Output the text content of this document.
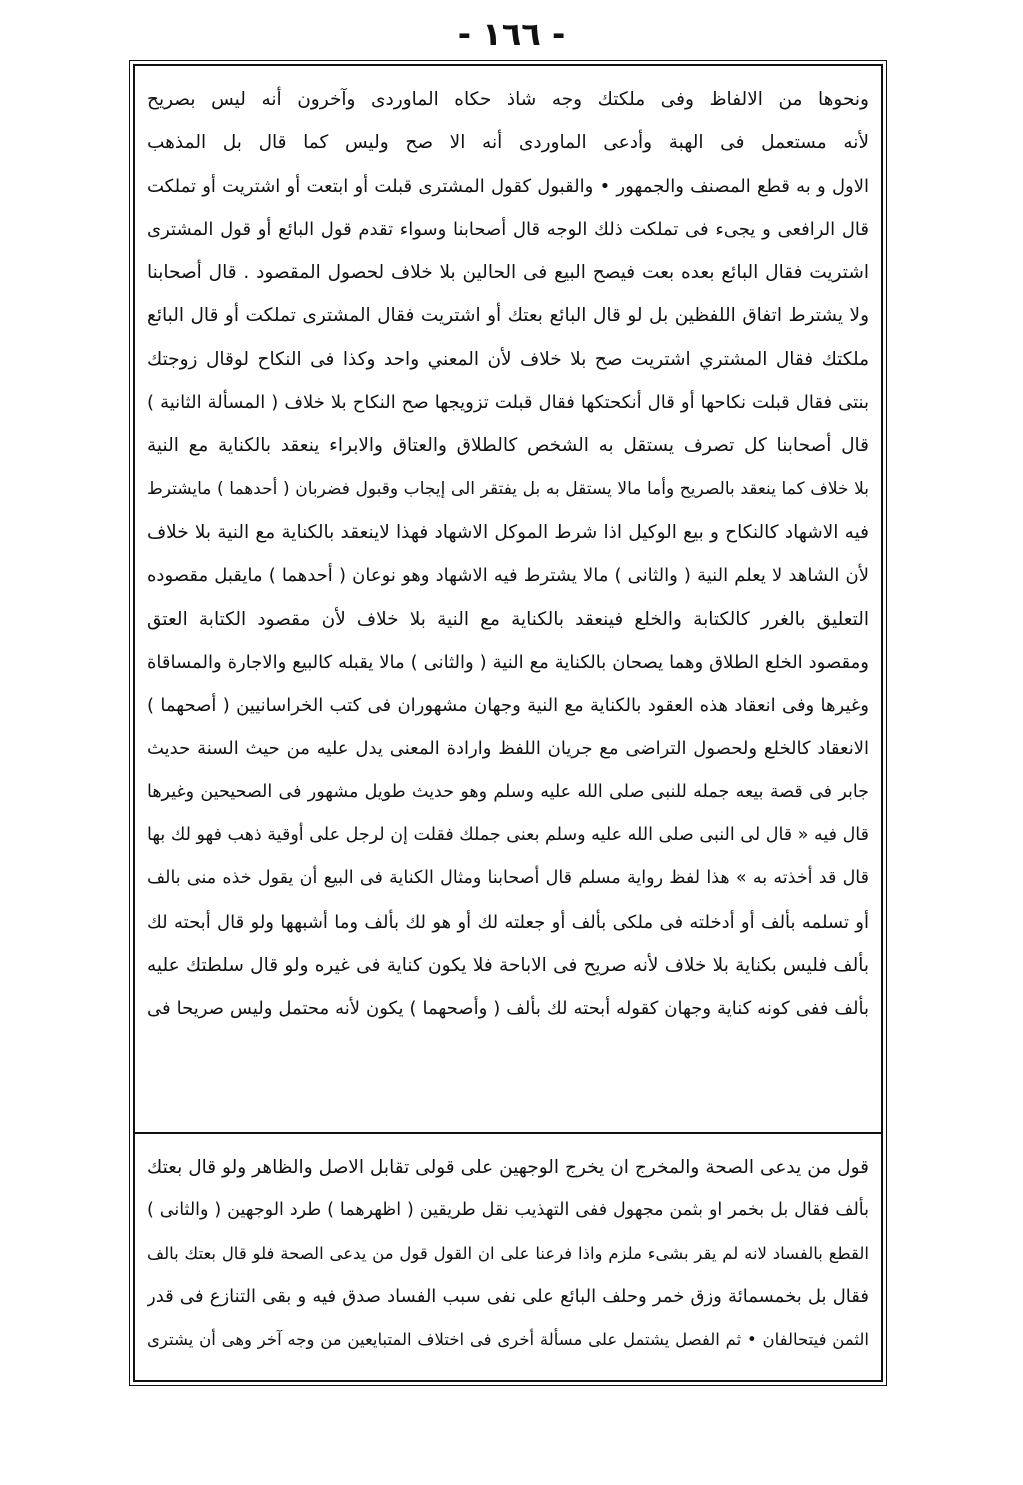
- ١٦٦ -
ونحوها من الالفاظ وفى ملكتك وجه شاذ حكاه الماوردى وآخرون أنه ليس بصريح
لأنه مستعمل فى الهبة وأدعى الماوردى أنه الا صح وليس كما قال بل المذهب
الاول و به قطع المصنف والجمهور • والقبول كقول المشترى قبلت أو ابتعت أو اشتريت أو تملكت
قال الرافعى و يجىء فى تملكت ذلك الوجه قال أصحابنا وسواء تقدم قول البائع أو قول المشترى
اشتريت فقال البائع بعده بعت فيصح البيع فى الحالين بلا خلاف لحصول المقصود . قال أصحابنا
ولا يشترط اتفاق اللفظين بل لو قال البائع بعتك أو اشتريت فقال المشترى تملكت أو قال البائع
ملكتك فقال المشتري اشتريت صح بلا خلاف لأن المعني واحد وكذا فى النكاح لوقال زوجتك
بنتى فقال قبلت نكاحها أو قال أنكحتكها فقال قبلت تزويجها صح النكاح بلا خلاف ( المسألة الثانية )
قال أصحابنا كل تصرف يستقل به الشخص كالطلاق والعتاق والابراء ينعقد بالكناية مع النية
بلا خلاف كما ينعقد بالصريح وأما مالا يستقل به بل يفتقر الى إيجاب وقبول فضربان ( أحدهما ) مايشترط
فيه الاشهاد كالنكاح و بيع الوكيل اذا شرط الموكل الاشهاد فهذا لاينعقد بالكناية مع النية بلا خلاف
لأن الشاهد لا يعلم النية ( والثانى ) مالا يشترط فيه الاشهاد وهو نوعان ( أحدهما ) مايقبل مقصوده
التعليق بالغرر كالكتابة والخلع فينعقد بالكناية مع النية بلا خلاف لأن مقصود الكتابة العتق
ومقصود الخلع الطلاق وهما يصحان بالكناية مع النية ( والثانى ) مالا يقبله كالبيع والاجارة والمساقاة
وغيرها وفى انعقاد هذه العقود بالكناية مع النية وجهان مشهوران فى كتب الخراسانيين ( أصحهما )
الانعقاد كالخلع ولحصول التراضى مع جريان اللفظ وارادة المعنى يدل عليه من حيث السنة حديث
جابر فى قصة بيعه جمله للنبى صلى الله عليه وسلم وهو حديث طويل مشهور فى الصحيحين وغيرها
قال فيه « قال لى النبى صلى الله عليه وسلم بعنى جملك فقلت إن لرجل على أوقية ذهب فهو لك بها
قال قد أخذته به » هذا لفظ رواية مسلم قال أصحابنا ومثال الكناية فى البيع أن يقول خذه منى بالف
أو تسلمه بألف أو أدخلته فى ملكى بألف أو جعلته لك أو هو لك بألف وما أشبهها ولو قال أبحته لك
بألف فليس بكناية بلا خلاف لأنه صريح فى الاباحة فلا يكون كناية فى غيره ولو قال سلطتك عليه
بألف ففى كونه كناية وجهان كقوله أبحته لك بألف ( وأصحهما ) يكون لأنه محتمل وليس صريحا فى
قول من يدعى الصحة والمخرج ان يخرج الوجهين على قولى تقابل الاصل والظاهر ولو قال بعتك
بألف فقال بل بخمر او بثمن مجهول ففى التهذيب نقل طريقين ( اظهرهما ) طرد الوجهين ( والثانى )
القطع بالفساد لانه لم يقر بشىء ملزم واذا فرعنا على ان القول قول من يدعى الصحة فلو قال بعتك بالف
فقال بل بخمسمائة وزق خمر وحلف البائع على نفى سبب الفساد صدق فيه و بقى التنازع فى قدر
الثمن فيتحالفان • ثم الفصل يشتمل على مسألة أخرى فى اختلاف المتبايعين من وجه آخر وهى أن يشترى
